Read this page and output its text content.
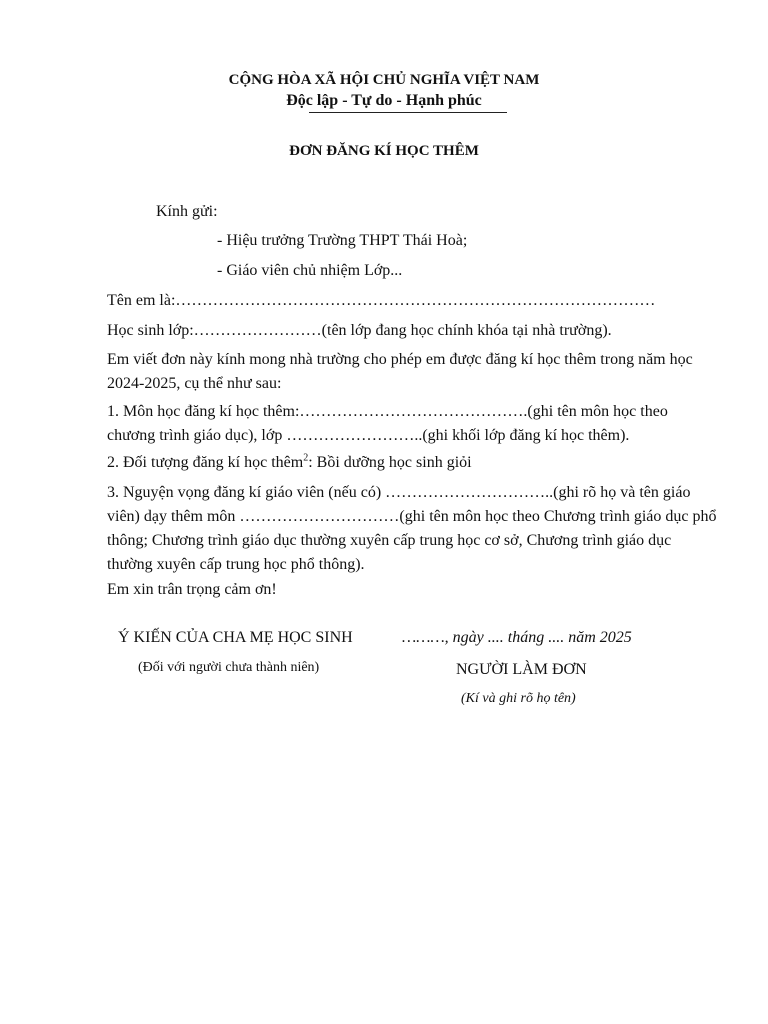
CỘNG HÒA XÃ HỘI CHỦ NGHĨA VIỆT NAM
Độc lập - Tự do - Hạnh phúc
ĐƠN ĐĂNG KÍ HỌC THÊM
Kính gửi:
- Hiệu trưởng Trường THPT Thái Hoà;
- Giáo viên chủ nhiệm Lớp...
Tên em là:………………………………………………………………………………
Học sinh lớp:……………………(tên lớp đang học chính khóa tại nhà trường).
Em viết đơn này kính mong nhà trường cho phép em được đăng kí học thêm trong năm học 2024-2025, cụ thể như sau:
1. Môn học đăng kí học thêm:…………………………………….(ghi tên môn học theo chương trình giáo dục), lớp ……………………..(ghi khối lớp đăng kí học thêm).
2. Đối tượng đăng kí học thêm$^2$: Bồi dưỡng học sinh giỏi
3. Nguyện vọng đăng kí giáo viên (nếu có) …………………………..(ghi rõ họ và tên giáo viên) dạy thêm môn …………………………(ghi tên môn học theo Chương trình giáo dục phổ thông; Chương trình giáo dục thường xuyên cấp trung học cơ sở, Chương trình giáo dục thường xuyên cấp trung học phổ thông).
Em xin trân trọng cảm ơn!
Ý KIẾN CỦA CHA MẸ HỌC SINH
(Đối với người chưa thành niên)
………, ngày .... tháng .... năm 2025
NGƯỜI LÀM ĐƠN
(Kí và ghi rõ họ tên)
